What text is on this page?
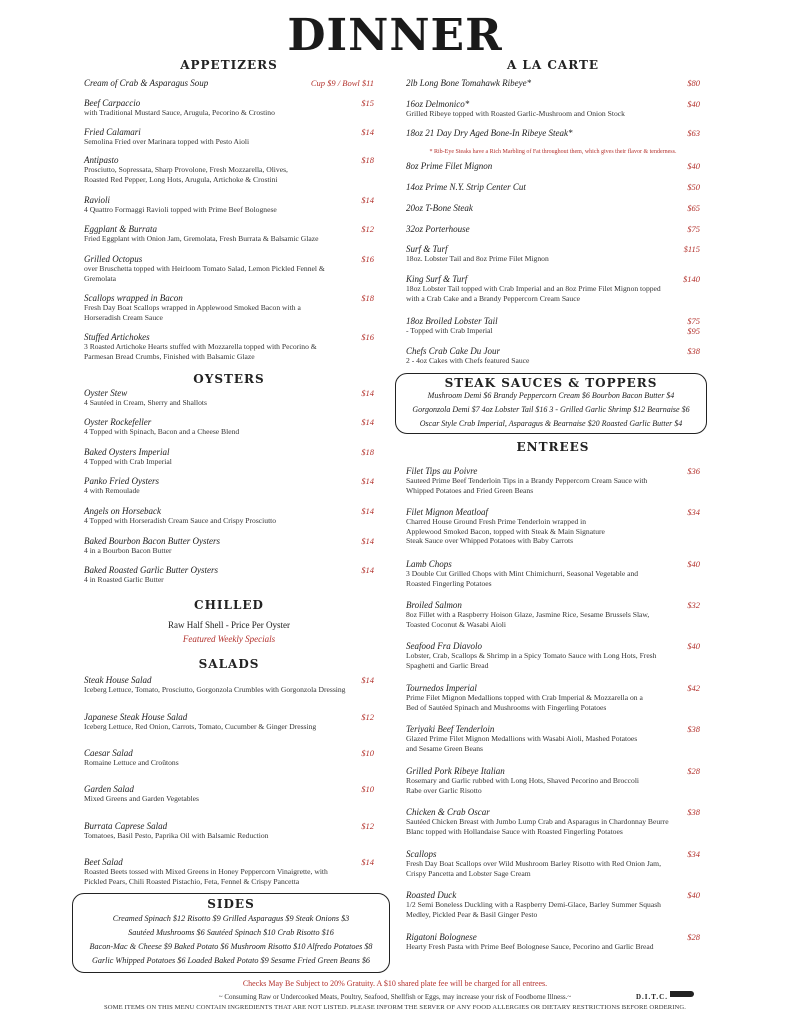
DINNER
APPETIZERS
Cream of Crab & Asparagus Soup	Cup $9 / Bowl $11
Beef Carpaccio	$15
with Traditional Mustard Sauce, Arugula, Pecorino & Crostino
Fried Calamari	$14
Semolina Fried over Marinara topped with Pesto Aioli
Antipasto	$18
Prosciutto, Sopressata, Sharp Provolone, Fresh Mozzarella, Olives, Roasted Red Pepper, Long Hots, Arugula, Artichoke & Crostini
Ravioli	$14
4 Quattro Formaggi Ravioli topped with Prime Beef Bolognese
Eggplant & Burrata	$12
Fried Eggplant with Onion Jam, Gremolata, Fresh Burrata & Balsamic Glaze
Grilled Octopus	$16
over Bruschetta topped with Heirloom Tomato Salad, Lemon Pickled Fennel & Gremolata
Scallops wrapped in Bacon	$18
Fresh Day Boat Scallops wrapped in Applewood Smoked Bacon with a Horseradish Cream Sauce
Stuffed Artichokes	$16
3 Roasted Artichoke Hearts stuffed with Mozzarella topped with Pecorino & Parmesan Bread Crumbs, Finished with Balsamic Glaze
OYSTERS
Oyster Stew	$14
4 Sautéed in Cream, Sherry and Shallots
Oyster Rockefeller	$14
4 Topped with Spinach, Bacon and a Cheese Blend
Baked Oysters Imperial	$18
4 Topped with Crab Imperial
Panko Fried Oysters	$14
4 with Remoulade
Angels on Horseback	$14
4 Topped with Horseradish Cream Sauce and Crispy Prosciutto
Baked Bourbon Bacon Butter Oysters	$14
4 in a Bourbon Bacon Butter
Baked Roasted Garlic Butter Oysters	$14
4 in Roasted Garlic Butter
CHILLED
Raw Half Shell - Price Per Oyster
Featured Weekly Specials
SALADS
Steak House Salad	$14
Iceberg Lettuce, Tomato, Prosciutto, Gorgonzola Crumbles with Gorgonzola Dressing
Japanese Steak House Salad	$12
Iceberg Lettuce, Red Onion, Carrots, Tomato, Cucumber & Ginger Dressing
Caesar Salad	$10
Romaine Lettuce and Croûtons
Garden Salad	$10
Mixed Greens and Garden Vegetables
Burrata Caprese Salad	$12
Tomatoes, Basil Pesto, Paprika Oil with Balsamic Reduction
Beet Salad	$14
Roasted Beets tossed with Mixed Greens in Honey Peppercorn Vinaigrette, with Pickled Pears, Chili Roasted Pistachio, Feta, Fennel & Crispy Pancetta
SIDES
Creamed Spinach $12 Risotto $9 Grilled Asparagus $9 Steak Onions $3
Sautéed Mushrooms $6 Sautéed Spinach $10 Crab Risotto $16
Bacon-Mac & Cheese $9 Baked Potato $6 Mushroom Risotto $10 Alfredo Potatoes $8
Garlic Whipped Potatoes $6 Loaded Baked Potato $9 Sesame Fried Green Beans $6
A LA CARTE
2lb Long Bone Tomahawk Ribeye*	$80
16oz Delmonico*	$40
Grilled Ribeye topped with Roasted Garlic-Mushroom and Onion Stock
18oz 21 Day Dry Aged Bone-In Ribeye Steak*	$63
* Rib-Eye Steaks have a Rich Marbling of Fat throughout them, which gives their flavor & tenderness.
8oz Prime Filet Mignon	$40
14oz Prime N.Y. Strip Center Cut	$50
20oz T-Bone Steak	$65
32oz Porterhouse	$75
Surf & Turf	$115
18oz. Lobster Tail and 8oz Prime Filet Mignon
King Surf & Turf	$140
18oz Lobster Tail topped with Crab Imperial and an 8oz Prime Filet Mignon topped with a Crab Cake and a Brandy Peppercorn Cream Sauce
18oz Broiled Lobster Tail	$75
$95
- Topped with Crab Imperial
Chefs Crab Cake Du Jour	$38
2 - 4oz Cakes with Chefs featured Sauce
STEAK SAUCES & TOPPERS
Mushroom Demi $6 Brandy Peppercorn Cream $6 Bourbon Bacon Butter $4
Gorgonzola Demi $7 4oz Lobster Tail $16 3 - Grilled Garlic Shrimp $12 Bearnaise $6
Oscar Style Crab Imperial, Asparagus & Bearnaise $20 Roasted Garlic Butter $4
ENTREES
Filet Tips au Poivre	$36
Sauteed Prime Beef Tenderloin Tips in a Brandy Peppercorn Cream Sauce with Whipped Potatoes and Fried Green Beans
Filet Mignon Meatloaf	$34
Charred House Ground Fresh Prime Tenderloin wrapped in Applewood Smoked Bacon, topped with Steak & Main Signature Steak Sauce over Whipped Potatoes with Baby Carrots
Lamb Chops	$40
3 Double Cut Grilled Chops with Mint Chimichurri, Seasonal Vegetable and Roasted Fingerling Potatoes
Broiled Salmon	$32
8oz Fillet with a Raspberry Hoison Glaze, Jasmine Rice, Sesame Brussels Slaw, Toasted Coconut & Wasabi Aioli
Seafood Fra Diavolo	$40
Lobster, Crab, Scallops & Shrimp in a Spicy Tomato Sauce with Long Hots, Fresh Spaghetti and Garlic Bread
Tournedos Imperial	$42
Prime Filet Mignon Medallions topped with Crab Imperial & Mozzarella on a Bed of Sautéed Spinach and Mushrooms with Fingerling Potatoes
Teriyaki Beef Tenderloin	$38
Glazed Prime Filet Mignon Medallions with Wasabi Aioli, Mashed Potatoes and Sesame Green Beans
Grilled Pork Ribeye Italian	$28
Rosemary and Garlic rubbed with Long Hots, Shaved Pecorino and Broccoli Rabe over Garlic Risotto
Chicken & Crab Oscar	$38
Sautéed Chicken Breast with Jumbo Lump Crab and Asparagus in Chardonnay Beurre Blanc topped with Hollandaise Sauce with Roasted Fingerling Potatoes
Scallops	$34
Fresh Day Boat Scallops over Wild Mushroom Barley Risotto with Red Onion Jam, Crispy Pancetta and Lobster Sage Cream
Roasted Duck	$40
1/2 Semi Boneless Duckling with a Raspberry Demi-Glace, Barley Summer Squash Medley, Pickled Pear & Basil Ginger Pesto
Rigatoni Bolognese	$28
Hearty Fresh Pasta with Prime Beef Bolognese Sauce, Pecorino and Garlic Bread
Checks May Be Subject to 20% Gratuity. A $10 shared plate fee will be charged for all entrees.
~ Consuming Raw or Undercooked Meats, Poultry, Seafood, Shellfish or Eggs, may increase your risk of Foodborne Illness.~	D.I.T.C.
SOME ITEMS ON THIS MENU CONTAIN INGREDIENTS THAT ARE NOT LISTED. PLEASE INFORM THE SERVER OF ANY FOOD ALLERGIES OR DIETARY RESTRICTIONS BEFORE ORDERING.
